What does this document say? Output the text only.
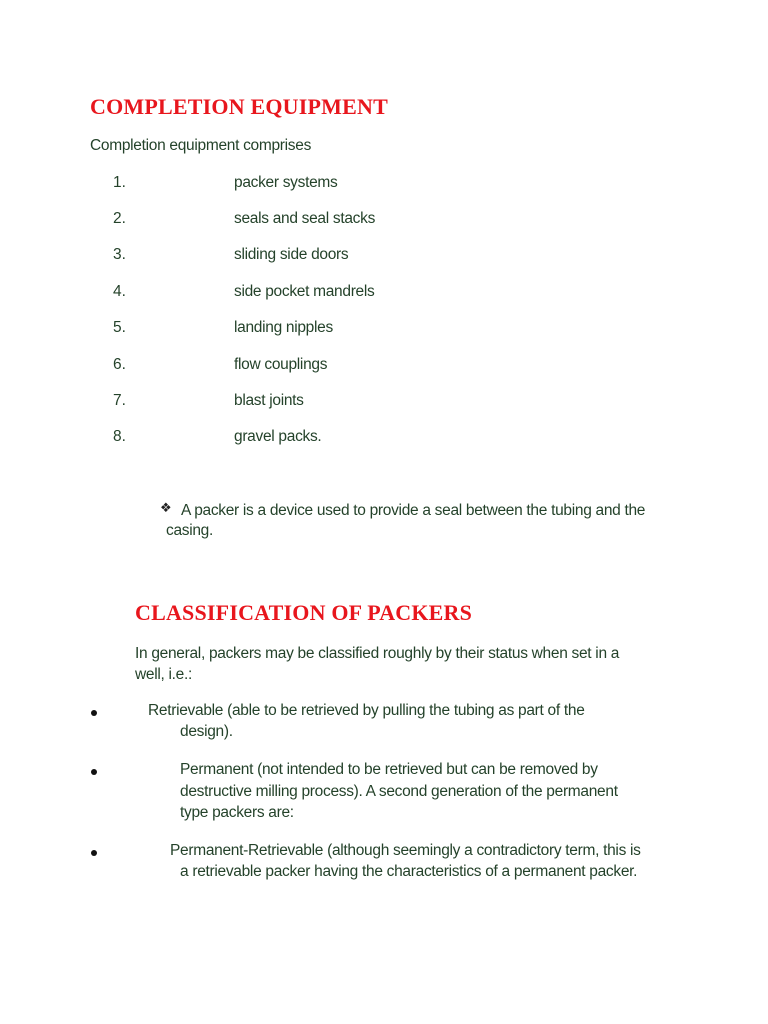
COMPLETION EQUIPMENT
Completion equipment comprises
1.	packer systems
2.	seals and seal stacks
3.	sliding side doors
4.	side pocket mandrels
5.	landing nipples
6.	flow couplings
7.	blast joints
8.	gravel packs.
❖ A packer is a device used to provide a seal between the tubing and the
casing.
CLASSIFICATION OF PACKERS
In general, packers may be classified roughly by their status when set in a
well, i.e.:
Retrievable (able to be retrieved by pulling the tubing as part of the
design).
Permanent (not intended to be retrieved but can be removed by
destructive milling process). A second generation of the permanent
type packers are:
Permanent-Retrievable (although seemingly a contradictory term, this is
a retrievable packer having the characteristics of a permanent packer.
